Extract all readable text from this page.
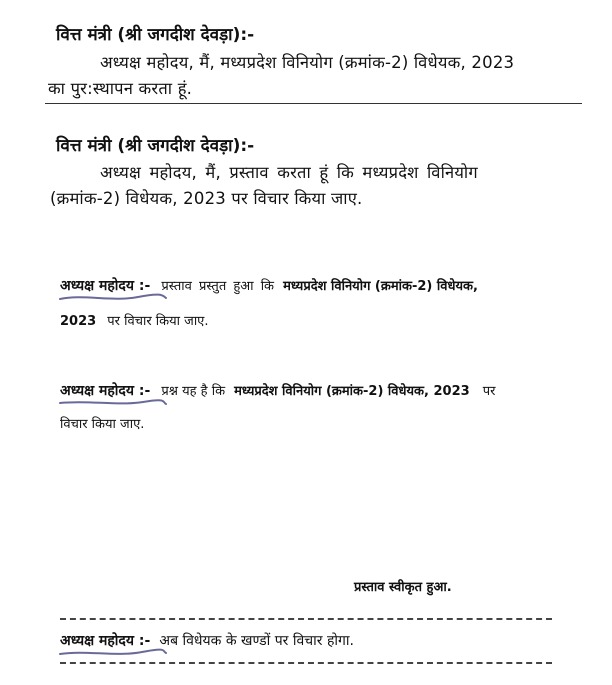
वित्त मंत्री (श्री जगदीश देवड़ा):-
अध्यक्ष महोदय, मैं, मध्यप्रदेश विनियोग (क्रमांक-2) विधेयक, 2023
का पुर:स्थापन करता हूं.
वित्त मंत्री (श्री जगदीश देवड़ा):-
अध्यक्ष महोदय, मैं, प्रस्ताव करता हूं कि मध्यप्रदेश विनियोग
(क्रमांक-2) विधेयक, 2023 पर विचार किया जाए.
अध्यक्ष महोदय
:- प्रस्ताव प्रस्तुत हुआ कि मध्यप्रदेश विनियोग (क्रमांक-2) विधेयक,
2023 पर विचार किया जाए.
अध्यक्ष महोदय
:- प्रश्न यह है कि मध्यप्रदेश विनियोग (क्रमांक-2) विधेयक, 2023 पर
विचार किया जाए.
प्रस्ताव स्वीकृत हुआ.
अध्यक्ष महोदय :- अब विधेयक के खण्डों पर विचार होगा.
